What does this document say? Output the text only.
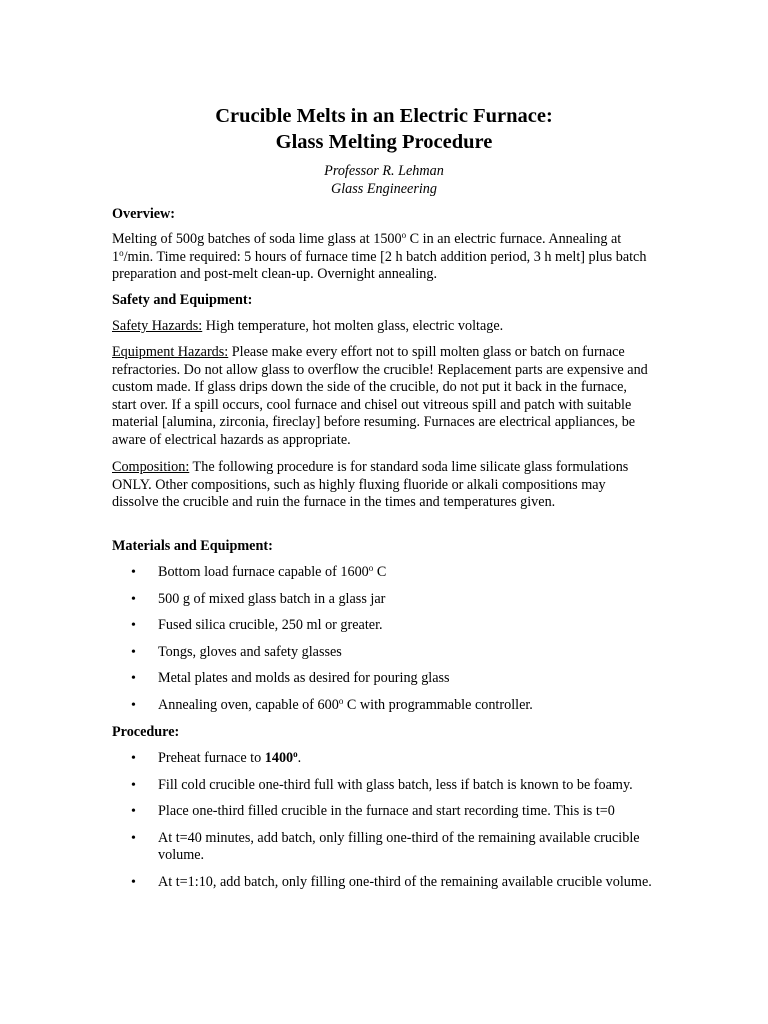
Crucible Melts in an Electric Furnace:
Glass Melting Procedure
Professor R. Lehman
Glass Engineering
Overview:
Melting of 500g batches of soda lime glass at 1500$^o$ C in an electric furnace. Annealing at 1$^o$/min. Time required: 5 hours of furnace time [2 h batch addition period, 3 h melt] plus batch preparation and post-melt clean-up. Overnight annealing.
Safety and Equipment:
Safety Hazards: High temperature, hot molten glass, electric voltage.
Equipment Hazards: Please make every effort not to spill molten glass or batch on furnace refractories. Do not allow glass to overflow the crucible! Replacement parts are expensive and custom made. If glass drips down the side of the crucible, do not put it back in the furnace, start over. If a spill occurs, cool furnace and chisel out vitreous spill and patch with suitable material [alumina, zirconia, fireclay] before resuming. Furnaces are electrical appliances, be aware of electrical hazards as appropriate.
Composition: The following procedure is for standard soda lime silicate glass formulations ONLY. Other compositions, such as highly fluxing fluoride or alkali compositions may dissolve the crucible and ruin the furnace in the times and temperatures given.
Materials and Equipment:
• Bottom load furnace capable of 1600$^o$ C
• 500 g of mixed glass batch in a glass jar
• Fused silica crucible, 250 ml or greater.
• Tongs, gloves and safety glasses
• Metal plates and molds as desired for pouring glass
• Annealing oven, capable of 600$^o$ C with programmable controller.
Procedure:
• Preheat furnace to 1400$^o$.
• Fill cold crucible one-third full with glass batch, less if batch is known to be foamy.
• Place one-third filled crucible in the furnace and start recording time. This is t=0
• At t=40 minutes, add batch, only filling one-third of the remaining available crucible volume.
• At t=1:10, add batch, only filling one-third of the remaining available crucible volume.
